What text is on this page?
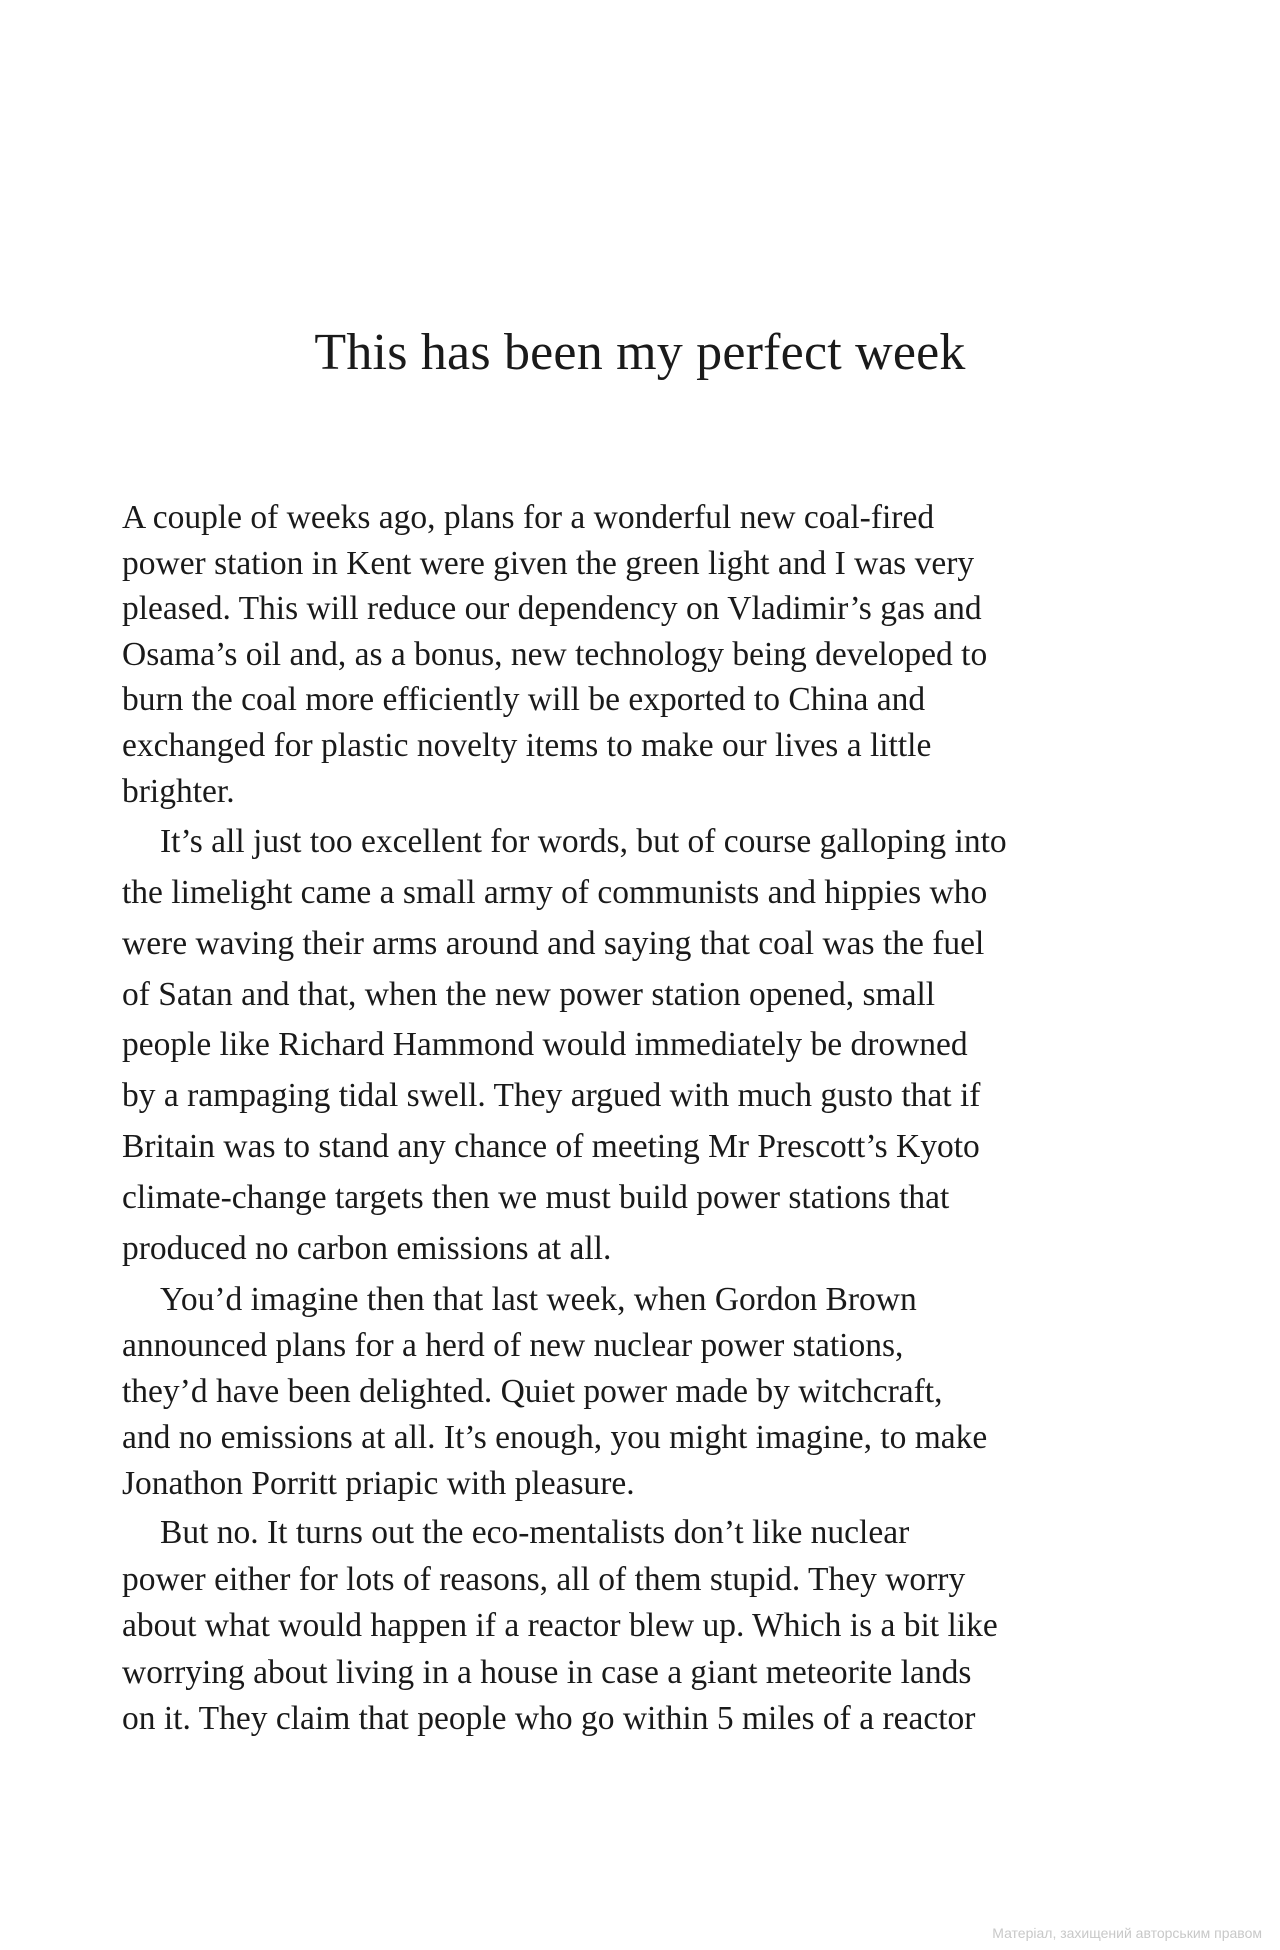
This has been my perfect week

A couple of weeks ago, plans for a wonderful new coal-fired
power station in Kent were given the green light and I was very
pleased. This will reduce our dependency on Vladimir’s gas and
Osama’s oil and, as a bonus, new technology being developed to
burn the coal more efficiently will be exported to China and
exchanged for plastic novelty items to make our lives a little
brighter.

It’s all just too excellent for words, but of course galloping into
the limelight came a small army of communists and hippies who
were waving their arms around and saying that coal was the fuel
of Satan and that, when the new power station opened, small
people like Richard Hammond would immediately be drowned
by a rampaging tidal swell. They argued with much gusto that if
Britain was to stand any chance of meeting Mr Prescott’s Kyoto
climate-change targets then we must build power stations that
produced no carbon emissions at all.

You’d imagine then that last week, when Gordon Brown
announced plans for a herd of new nuclear power stations,
they’d have been delighted. Quiet power made by witchcraft,
and no emissions at all. It’s enough, you might imagine, to make
Jonathon Porritt priapic with pleasure.

But no. It turns out the eco-mentalists don’t like nuclear
power either for lots of reasons, all of them stupid. They worry
about what would happen if a reactor blew up. Which is a bit like
worrying about living in a house in case a giant meteorite lands
on it. They claim that people who go within 5 miles of a reactor

Матеріал, захищений авторським правом
